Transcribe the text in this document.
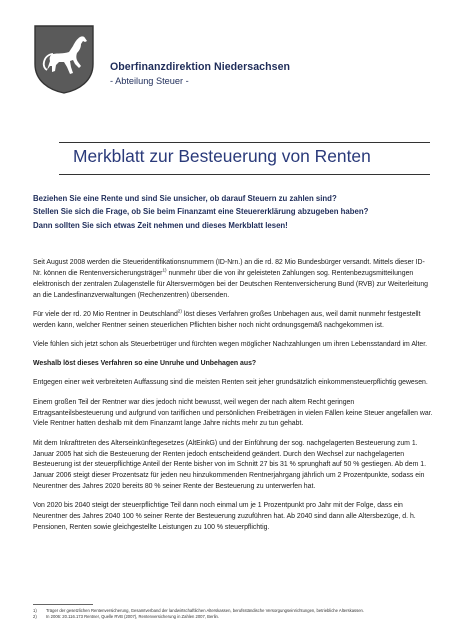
Oberfinanzdirektion Niedersachsen
- Abteilung Steuer -
Merkblatt zur Besteuerung von Renten

Beziehen Sie eine Rente und sind Sie unsicher, ob darauf Steuern zu zahlen sind?

Stellen Sie sich die Frage, ob Sie beim Finanzamt eine Steuererklärung abzugeben haben?

Dann sollten Sie sich etwas Zeit nehmen und dieses Merkblatt lesen!

Seit August 2008 werden die Steueridentifikationsnummern (ID-Nrn.) an die rd. 82 Mio Bundesbürger versandt. Mittels dieser ID-Nr. können die Rentenversicherungsträger$^{1)}$ nunmehr über die von ihr geleisteten Zahlungen sog. Rentenbezugsmitteilungen elektronisch der zentralen Zulagenstelle für Altersvermögen bei der Deutschen Rentenversicherung Bund (RVB) zur Weiterleitung an die Landesfinanzverwaltungen (Rechenzentren) übersenden.

Für viele der rd. 20 Mio Rentner in Deutschland$^{2)}$ löst dieses Verfahren großes Unbehagen aus, weil damit nunmehr festgestellt werden kann, welcher Rentner seinen steuerlichen Pflichten bisher noch nicht ordnungsgemäß nachgekommen ist.

Viele fühlen sich jetzt schon als Steuerbetrüger und fürchten wegen möglicher Nachzahlungen um ihren Lebensstandard im Alter.

Weshalb löst dieses Verfahren so eine Unruhe und Unbehagen aus?

Entgegen einer weit verbreiteten Auffassung sind die meisten Renten seit jeher grundsätzlich einkommensteuerpflichtig gewesen.

Einem großen Teil der Rentner war dies jedoch nicht bewusst, weil wegen der nach altem Recht geringen Ertragsanteilsbesteuerung und aufgrund von tariflichen und persönlichen Freibeträgen in vielen Fällen keine Steuer angefallen war. Viele Rentner hatten deshalb mit dem Finanzamt lange Jahre nichts mehr zu tun gehabt.

Mit dem Inkrafttreten des Alterseinkünftegesetzes (AltEinkG) und der Einführung der sog. nachgelagerten Besteuerung zum 1. Januar 2005 hat sich die Besteuerung der Renten jedoch entscheidend geändert. Durch den Wechsel zur nachgelagerten Besteuerung ist der steuerpflichtige Anteil der Rente bisher von im Schnitt 27 bis 31 % sprunghaft auf 50 % gestiegen. Ab dem 1. Januar 2006 steigt dieser Prozentsatz für jeden neu hinzukommenden Rentnerjahrgang jährlich um 2 Prozentpunkte, sodass ein Neurentner des Jahres 2020 bereits 80 % seiner Rente der Besteuerung zu unterwerfen hat.

Von 2020 bis 2040 steigt der steuerpflichtige Teil dann noch einmal um je 1 Prozentpunkt pro Jahr mit der Folge, dass ein Neurentner des Jahres 2040 100 % seiner Rente der Besteuerung zuzuführen hat. Ab 2040 sind dann alle Altersbezüge, d. h. Pensionen, Renten sowie gleichgestellte Leistungen zu 100 % steuerpflichtig.

1)	Träger der gesetzlichen Rentenversicherung, Gesamtverband der landwirtschaftlichen Alterskassen, berufsständische Versorgungseinrichtungen, betriebliche Alterskassen.
2)	In 2006: 20.116.173 Rentner, Quelle RVB (2007), Rentenversicherung in Zahlen 2007, Berlin.
